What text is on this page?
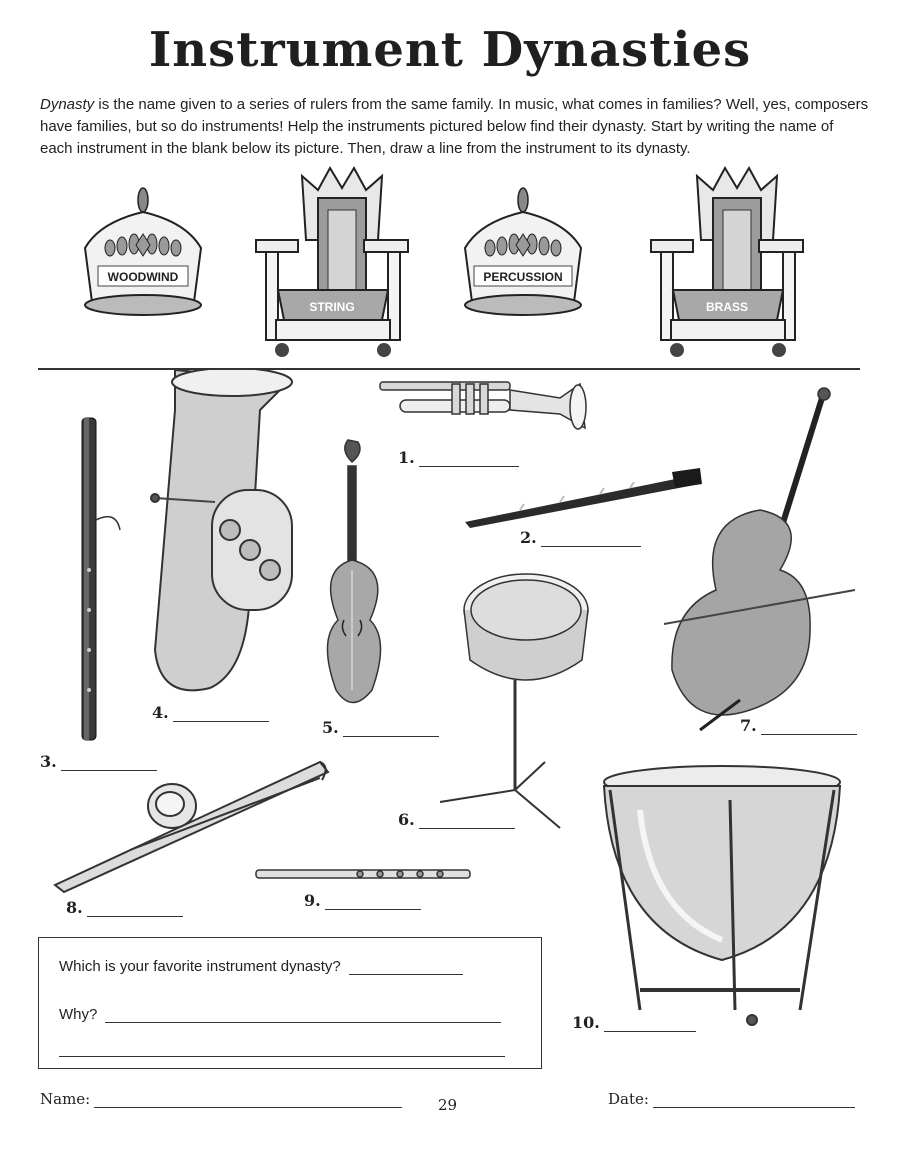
Instrument Dynasties
Dynasty is the name given to a series of rulers from the same family. In music, what comes in families? Well, yes, composers have families, but so do instruments! Help the instruments pictured below find their dynasty. Start by writing the name of each instrument in the blank below its picture. Then, draw a line from the instrument to its dynasty.
WOODWIND
STRING
PERCUSSION
BRASS
1.
2.
3.
4.
5.
6.
7.
8.	9.
10.
Which is your favorite instrument dynasty?
Why?
Name:	29	Date:
